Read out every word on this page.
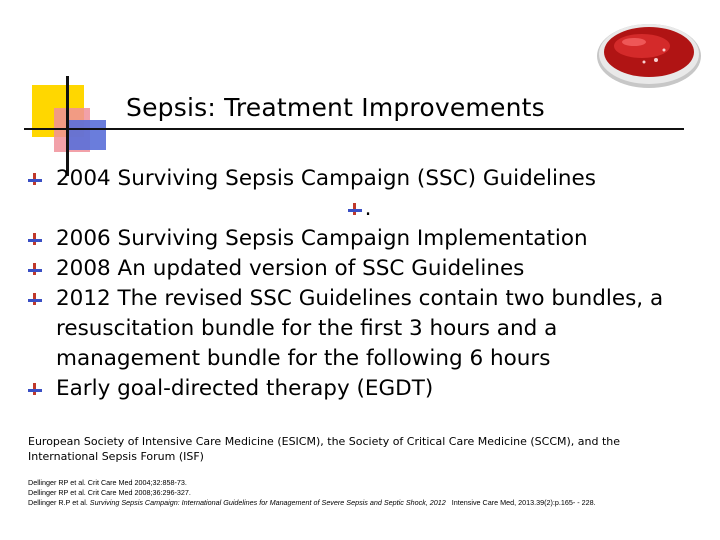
Sepsis: Treatment Improvements
2004 Surviving Sepsis Campaign (SSC) Guidelines
.
2006 Surviving Sepsis Campaign Implementation
2008 An updated version of SSC Guidelines
2012 The revised SSC Guidelines contain two bundles, a resuscitation bundle for the first 3 hours and a management bundle for the following 6 hours
Early goal-directed therapy (EGDT)

European Society of Intensive Care Medicine (ESICM), the Society of Critical Care Medicine (SCCM), and the International Sepsis Forum (ISF)

Dellinger RP et al. Crit Care Med 2004;32:858-73.
Dellinger RP et al. Crit Care Med 2008;36:296-327.
Dellinger R.P et al. Surviving Sepsis Campaign: International Guidelines for Management of Severe Sepsis and Septic Shock, 2012   Intensive Care Med, 2013.39(2):p.165- - 228.
